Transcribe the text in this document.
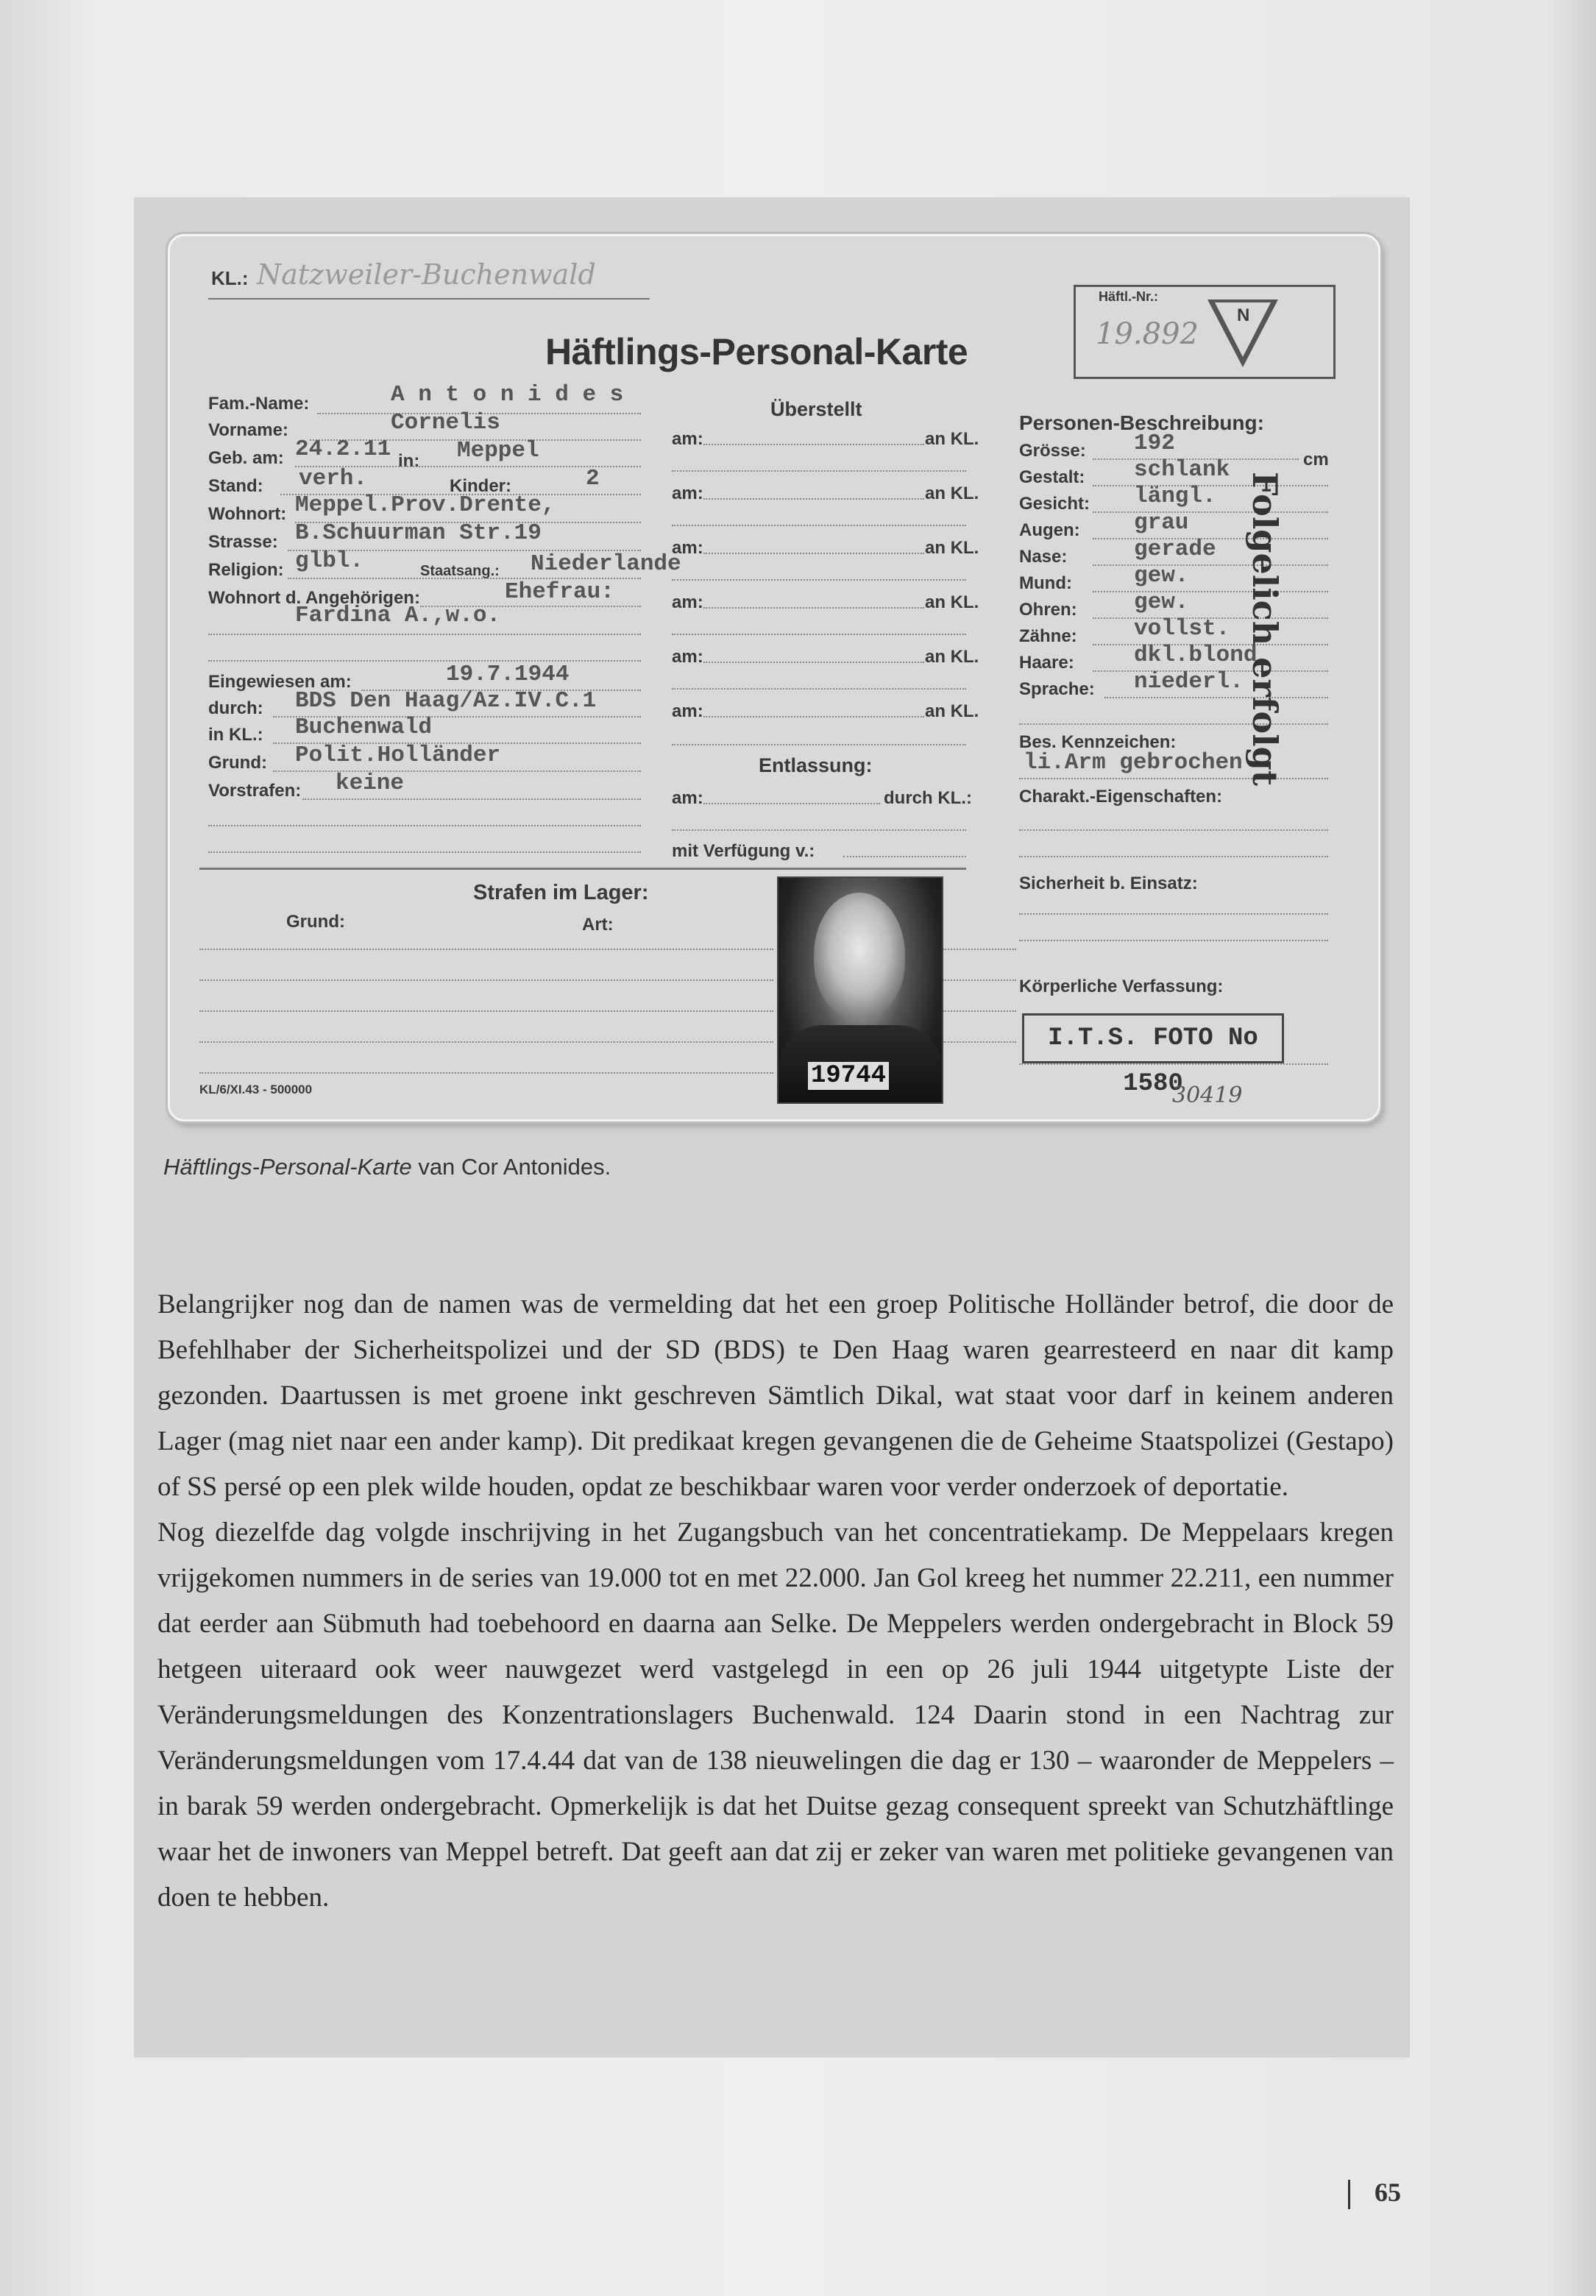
KL.: Natzweiler-Buchenwald
Häftl.-Nr.:
19.892
N
Häftlings-Personal-Karte
Fam.-Name:	A n t o n i d e s
Vorname:	Cornelis
Geb. am: 24.2.11 in: Meppel
Stand: verh.	Kinder:	2
Wohnort: Meppel.Prov.Drente,
Strasse: B.Schuurman Str.19
Religion: glbl.	Staatsang.: Niederlande
Wohnort d. Angehörigen:	Ehefrau:
Fardina A.,w.o.
Eingewiesen am:	19.7.1944
durch: BDS Den Haag/Az.IV.C.1
in KL.: Buchenwald
Grund: Polit.Holländer
Vorstrafen: keine
Überstellt
am:	an KL.
am:	an KL.
am:	an KL.
am:	an KL.
am:	an KL.
am:	an KL.
Entlassung:
am:	durch KL.:
mit Verfügung v.:
Personen-Beschreibung:
Grösse: 192
cm
Gestalt: schlank
Gesicht: längl.
Augen: grau
Nase:	gerade
Mund:	gew.
Ohren: gew.
Zähne: vollst.
Haare:	dkl.blond
Sprache: niederl.
Bes. Kennzeichen:
li.Arm gebrochen
Charakt.-Eigenschaften:
Sicherheit b. Einsatz:
Körperliche Verfassung:
Folgelich erfolgt
I.T.S. FOTO No 1580
Strafen im Lager:
Grund:	Art:
19744
KL/6/XI.43 - 500000	30419
Häftlings-Personal-Karte van Cor Antonides.

Belangrijker nog dan de namen was de vermelding dat het een groep Politische Holländer betrof, die door de Befehlhaber der Sicherheitspolizei und der SD (BDS) te Den Haag waren gearresteerd en naar dit kamp gezonden. Daartussen is met groene inkt geschreven Sämtlich Dikal, wat staat voor darf in keinem anderen Lager (mag niet naar een ander kamp). Dit predikaat kregen gevangenen die de Geheime Staatspolizei (Gestapo) of SS persé op een plek wilde houden, opdat ze beschikbaar waren voor verder onderzoek of deportatie.

Nog diezelfde dag volgde inschrijving in het Zugangsbuch van het concentratiekamp. De Meppelaars kregen vrijgekomen nummers in de series van 19.000 tot en met 22.000. Jan Gol kreeg het nummer 22.211, een nummer dat eerder aan Sübmuth had toebehoord en daarna aan Selke. De Meppelers werden ondergebracht in Block 59 hetgeen uiteraard ook weer nauwgezet werd vastgelegd in een op 26 juli 1944 uitgetypte Liste der Veränderungsmeldungen des Konzentrationslagers Buchenwald. 124 Daarin stond in een Nachtrag zur Veränderungsmeldungen vom 17.4.44 dat van de 138 nieuwelingen die dag er 130 – waaronder de Meppelers – in barak 59 werden ondergebracht. Opmerkelijk is dat het Duitse gezag consequent spreekt van Schutzhäftlinge waar het de inwoners van Meppel betreft. Dat geeft aan dat zij er zeker van waren met politieke gevangenen van doen te hebben.

65
